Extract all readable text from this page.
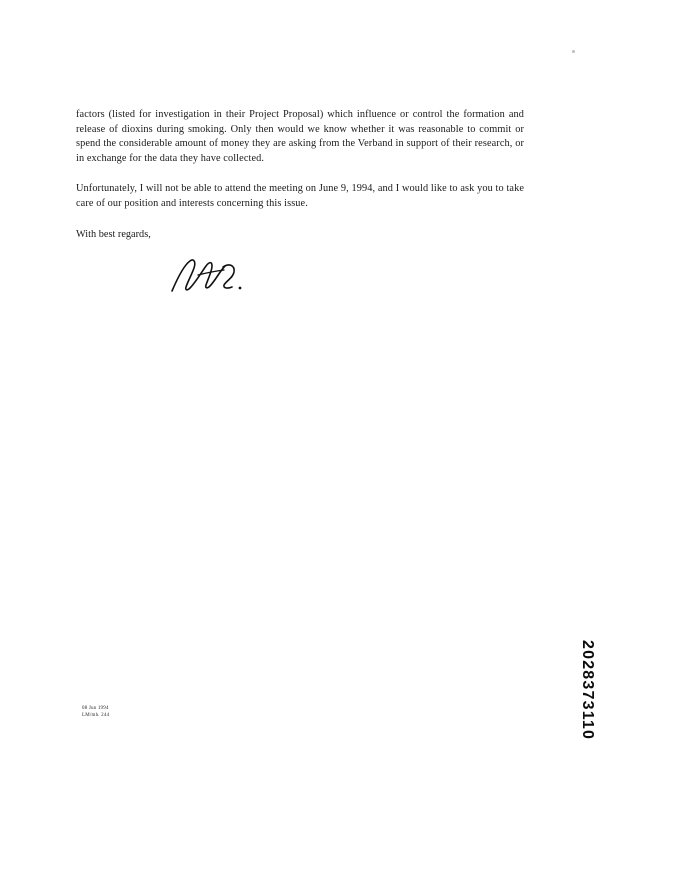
factors (listed for investigation in their Project Proposal) which influence or control the formation and release of dioxins during smoking. Only then would we know whether it was reasonable to commit or spend the considerable amount of money they are asking from the Verband in support of their research, or in exchange for the data they have collected.

Unfortunately, I will not be able to attend the meeting on June 9, 1994, and I would like to ask you to take care of our position and interests concerning this issue.

With best regards,

08 Jun 1994
LM/mh. 244	2028373110
